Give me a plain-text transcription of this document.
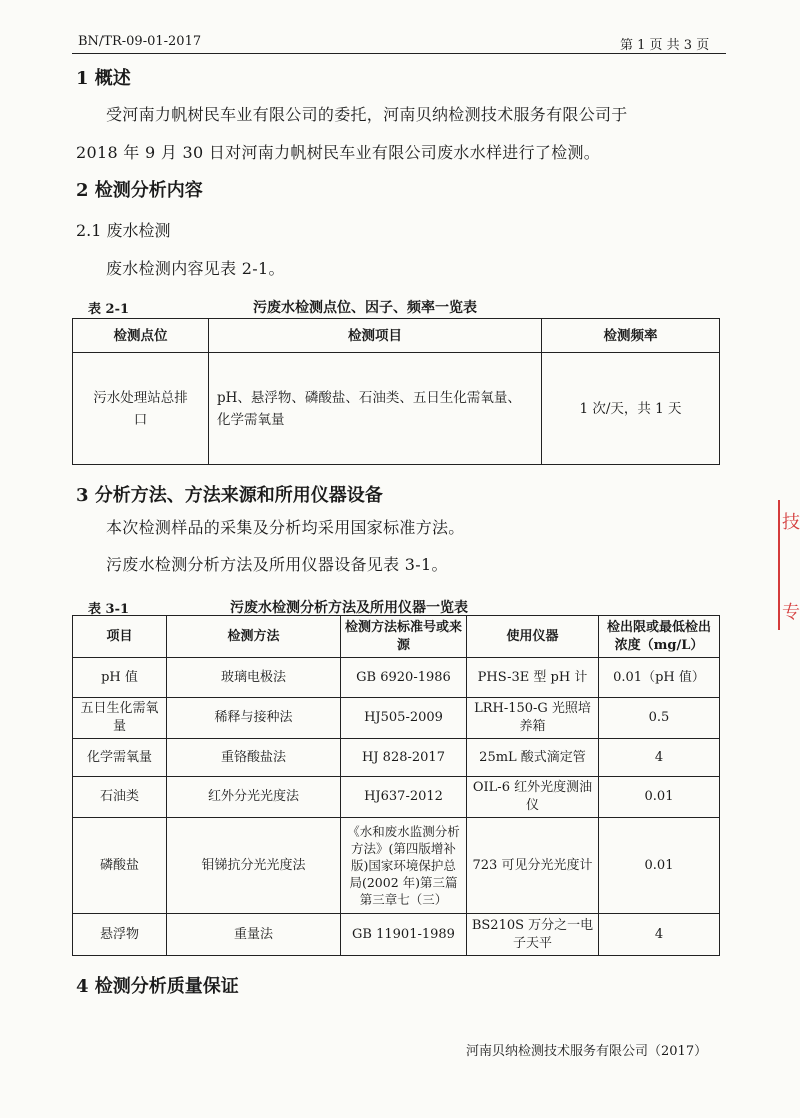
BN/TR-09-01-2017	第 1 页 共 3 页
1 概述
受河南力帆树民车业有限公司的委托，河南贝纳检测技术服务有限公司于
2018 年 9 月 30 日对河南力帆树民车业有限公司废水水样进行了检测。
2 检测分析内容
2.1 废水检测
废水检测内容见表 2-1。
表 2-1	污废水检测点位、因子、频率一览表
检测点位	检测项目	检测频率
污水处理站总排口	pH、悬浮物、磷酸盐、石油类、五日生化需氧量、化学需氧量	1 次/天，共 1 天
3 分析方法、方法来源和所用仪器设备
本次检测样品的采集及分析均采用国家标准方法。
污废水检测分析方法及所用仪器设备见表 3-1。
表 3-1	污废水检测分析方法及所用仪器一览表
项目	检测方法	检测方法标准号或来源	使用仪器	检出限或最低检出浓度（mg/L）
pH 值	玻璃电极法	GB 6920-1986	PHS-3E 型 pH 计	0.01（pH 值）
五日生化需氧量	稀释与接种法	HJ505-2009	LRH-150-G 光照培养箱	0.5
化学需氧量	重铬酸盐法	HJ 828-2017	25mL 酸式滴定管	4
石油类	红外分光光度法	HJ637-2012	OIL-6 红外光度测油仪	0.01
磷酸盐	钼锑抗分光光度法	《水和废水监测分析方法》(第四版增补版)国家环境保护总局(2002 年)第三篇第三章七（三）	723 可见分光光度计	0.01
悬浮物	重量法	GB 11901-1989	BS210S 万分之一电子天平	4
4 检测分析质量保证
河南贝纳检测技术服务有限公司（2017）
技
专
